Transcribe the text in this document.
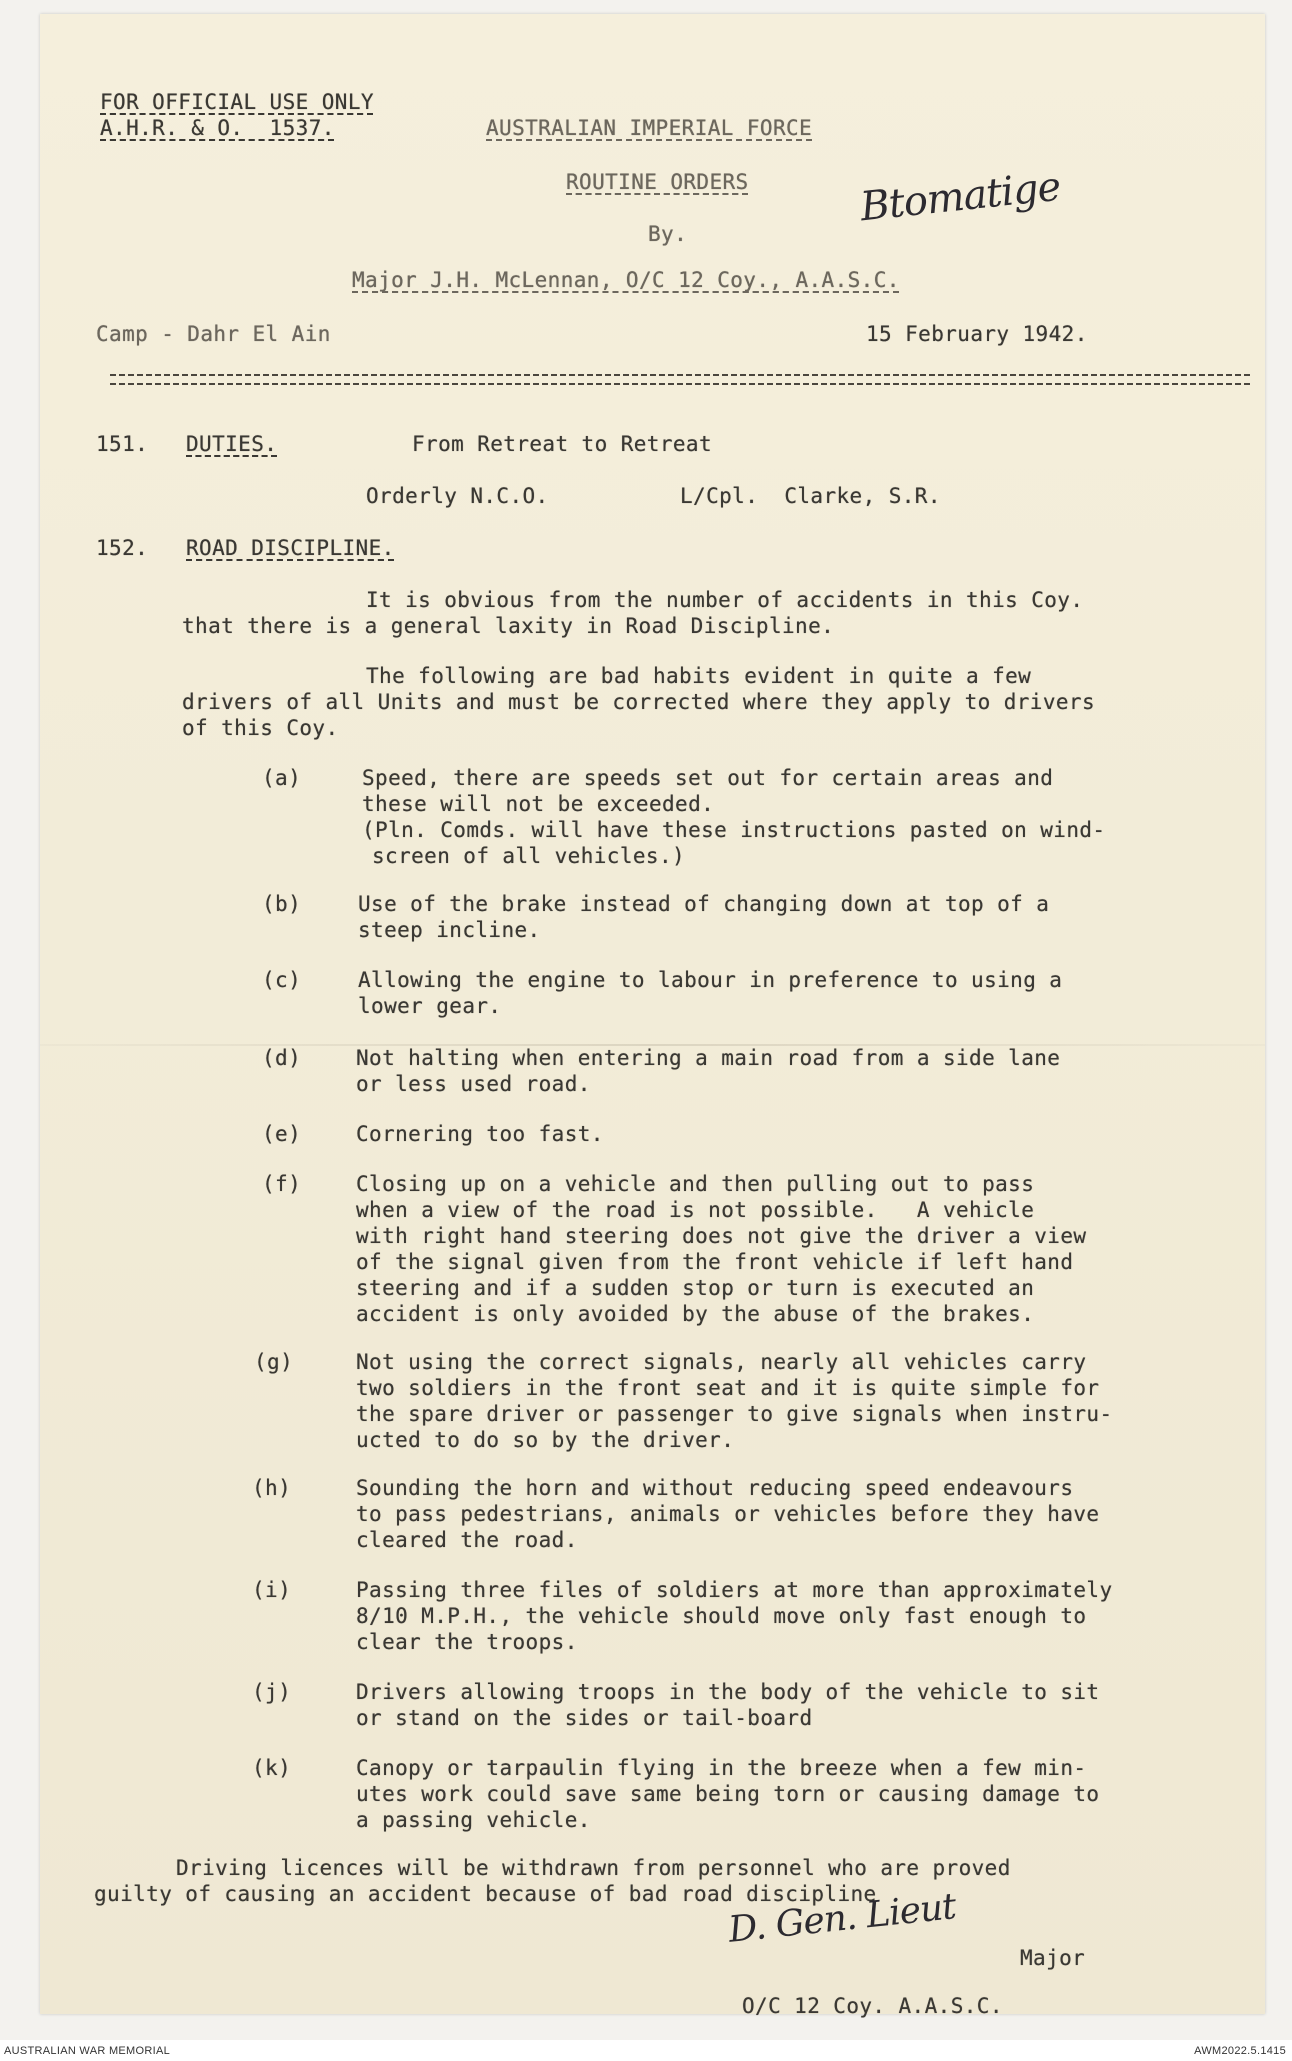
FOR OFFICIAL USE ONLY
A.H.R. & O.  1537.	AUSTRALIAN IMPERIAL FORCE
ROUTINE ORDERS	Btomatige
By.
Major J.H. McLennan, O/C 12 Coy., A.A.S.C.
Camp - Dahr El Ain	15 February 1942.
151. DUTIES.	From Retreat to Retreat
Orderly N.C.O.	L/Cpl.  Clarke, S.R.
152. ROAD DISCIPLINE.
It is obvious from the number of accidents in this Coy.
that there is a general laxity in Road Discipline.
The following are bad habits evident in quite a few
drivers of all Units and must be corrected where they apply to drivers
of this Coy.
(a)	Speed, there are speeds set out for certain areas and
these will not be exceeded.
(Pln. Comds. will have these instructions pasted on wind-
screen of all vehicles.)
(b)	Use of the brake instead of changing down at top of a
steep incline.
(c)	Allowing the engine to labour in preference to using a
lower gear.
(d)	Not halting when entering a main road from a side lane
or less used road.
(e)	Cornering too fast.
(f)	Closing up on a vehicle and then pulling out to pass
when a view of the road is not possible.   A vehicle
with right hand steering does not give the driver a view
of the signal given from the front vehicle if left hand
steering and if a sudden stop or turn is executed an
accident is only avoided by the abuse of the brakes.
(g)	Not using the correct signals, nearly all vehicles carry
two soldiers in the front seat and it is quite simple for
the spare driver or passenger to give signals when instru-
ucted to do so by the driver.
(h)	Sounding the horn and without reducing speed endeavours
to pass pedestrians, animals or vehicles before they have
cleared the road.
(i)	Passing three files of soldiers at more than approximately
8/10 M.P.H., the vehicle should move only fast enough to
clear the troops.
(j)	Drivers allowing troops in the body of the vehicle to sit
or stand on the sides or tail-board
(k)	Canopy or tarpaulin flying in the breeze when a few min-
utes work could save same being torn or causing damage to
a passing vehicle.
Driving licences will be withdrawn from personnel who are proved
guilty of causing an accident because of bad road discipline
D. Gen. Lieut
Major
O/C 12 Coy. A.A.S.C.
AUSTRALIAN WAR MEMORIAL	AWM2022.5.1415
